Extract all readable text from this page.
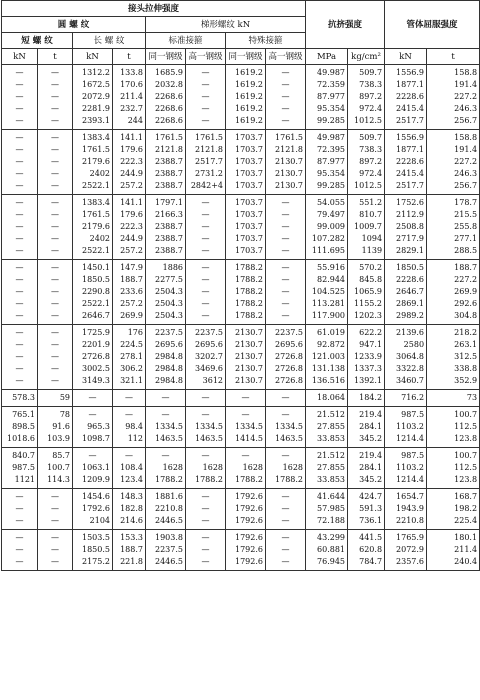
接头拉伸强度								抗挤强度		管体屈服强度	
圆 螺 纹				梯形螺纹 kN							
短 螺 纹		长 螺 纹		标准接箍		特殊接箍					
kN	t	kN	t	同一钢级	高一钢级	同一钢级	高一钢级	MPa	kg/cm²	kN	t
—	—	1312.2	133.8	1685.9	—	1619.2	—	49.987	509.7	1556.9	158.8
—	—	1672.5	170.6	2032.8	—	1619.2	—	72.359	738.3	1877.1	191.4
—	—	2072.9	211.4	2268.6	—	1619.2	—	87.977	897.2	2228.6	227.2
—	—	2281.9	232.7	2268.6	—	1619.2	—	95.354	972.4	2415.4	246.3
—	—	2393.1	244	2268.6	—	1619.2	—	99.285	1012.5	2517.7	256.7
—	—	1383.4	141.1	1761.5	1761.5	1703.7	1761.5	49.987	509.7	1556.9	158.8
—	—	1761.5	179.6	2121.8	2121.8	1703.7	2121.8	72.395	738.3	1877.1	191.4
—	—	2179.6	222.3	2388.7	2517.7	1703.7	2130.7	87.977	897.2	2228.6	227.2
—	—	2402	244.9	2388.7	2731.2	1703.7	2130.7	95.354	972.4	2415.4	246.3
—	—	2522.1	257.2	2388.7	2842+4	1703.7	2130.7	99.285	1012.5	2517.7	256.7
—	—	1383.4	141.1	1797.1	—	1703.7	—	54.055	551.2	1752.6	178.7
—	—	1761.5	179.6	2166.3	—	1703.7	—	79.497	810.7	2112.9	215.5
—	—	2179.6	222.3	2388.7	—	1703.7	—	99.009	1009.7	2508.8	255.8
—	—	2402	244.9	2388.7	—	1703.7	—	107.282	1094	2717.9	277.1
—	—	2522.1	257.2	2388.7	—	1703.7	—	111.695	1139	2829.1	288.5
—	—	1450.1	147.9	1886	—	1788.2	—	55.916	570.2	1850.5	188.7
—	—	1850.5	188.7	2277.5	—	1788.2	—	82.944	845.8	2228.6	227.2
—	—	2290.8	233.6	2504.3	—	1788.2	—	104.525	1065.9	2646.7	269.9
—	—	2522.1	257.2	2504.3	—	1788.2	—	113.281	1155.2	2869.1	292.6
—	—	2646.7	269.9	2504.3	—	1788.2	—	117.900	1202.3	2989.2	304.8
—	—	1725.9	176	2237.5	2237.5	2130.7	2237.5	61.019	622.2	2139.6	218.2
—	—	2201.9	224.5	2695.6	2695.6	2130.7	2695.6	92.872	947.1	2580	263.1
—	—	2726.8	278.1	2984.8	3202.7	2130.7	2726.8	121.003	1233.9	3064.8	312.5
—	—	3002.5	306.2	2984.8	3469.6	2130.7	2726.8	131.138	1337.3	3322.8	338.8
—	—	3149.3	321.1	2984.8	3612	2130.7	2726.8	136.516	1392.1	3460.7	352.9
578.3	59	—	—	—	—	—	—	18.064	184.2	716.2	73
765.1	78	—	—	—	—	—	—	21.512	219.4	987.5	100.7
898.5	91.6	965.3	98.4	1334.5	1334.5	1334.5	1334.5	27.855	284.1	1103.2	112.5
1018.6	103.9	1098.7	112	1463.5	1463.5	1414.5	1463.5	33.853	345.2	1214.4	123.8
840.7	85.7	—	—	—	—	—	—	21.512	219.4	987.5	100.7
987.5	100.7	1063.1	108.4	1628	1628	1628	1628	27.855	284.1	1103.2	112.5
1121	114.3	1209.9	123.4	1788.2	1788.2	1788.2	1788.2	33.853	345.2	1214.4	123.8
—	—	1454.6	148.3	1881.6	—	1792.6	—	41.644	424.7	1654.7	168.7
—	—	1792.6	182.8	2210.8	—	1792.6	—	57.985	591.3	1943.9	198.2
—	—	2104	214.6	2446.5	—	1792.6	—	72.188	736.1	2210.8	225.4
—	—	1503.5	153.3	1903.8	—	1792.6	—	43.299	441.5	1765.9	180.1
—	—	1850.5	188.7	2237.5	—	1792.6	—	60.881	620.8	2072.9	211.4
—	—	2175.2	221.8	2446.5	—	1792.6	—	76.945	784.7	2357.6	240.4
